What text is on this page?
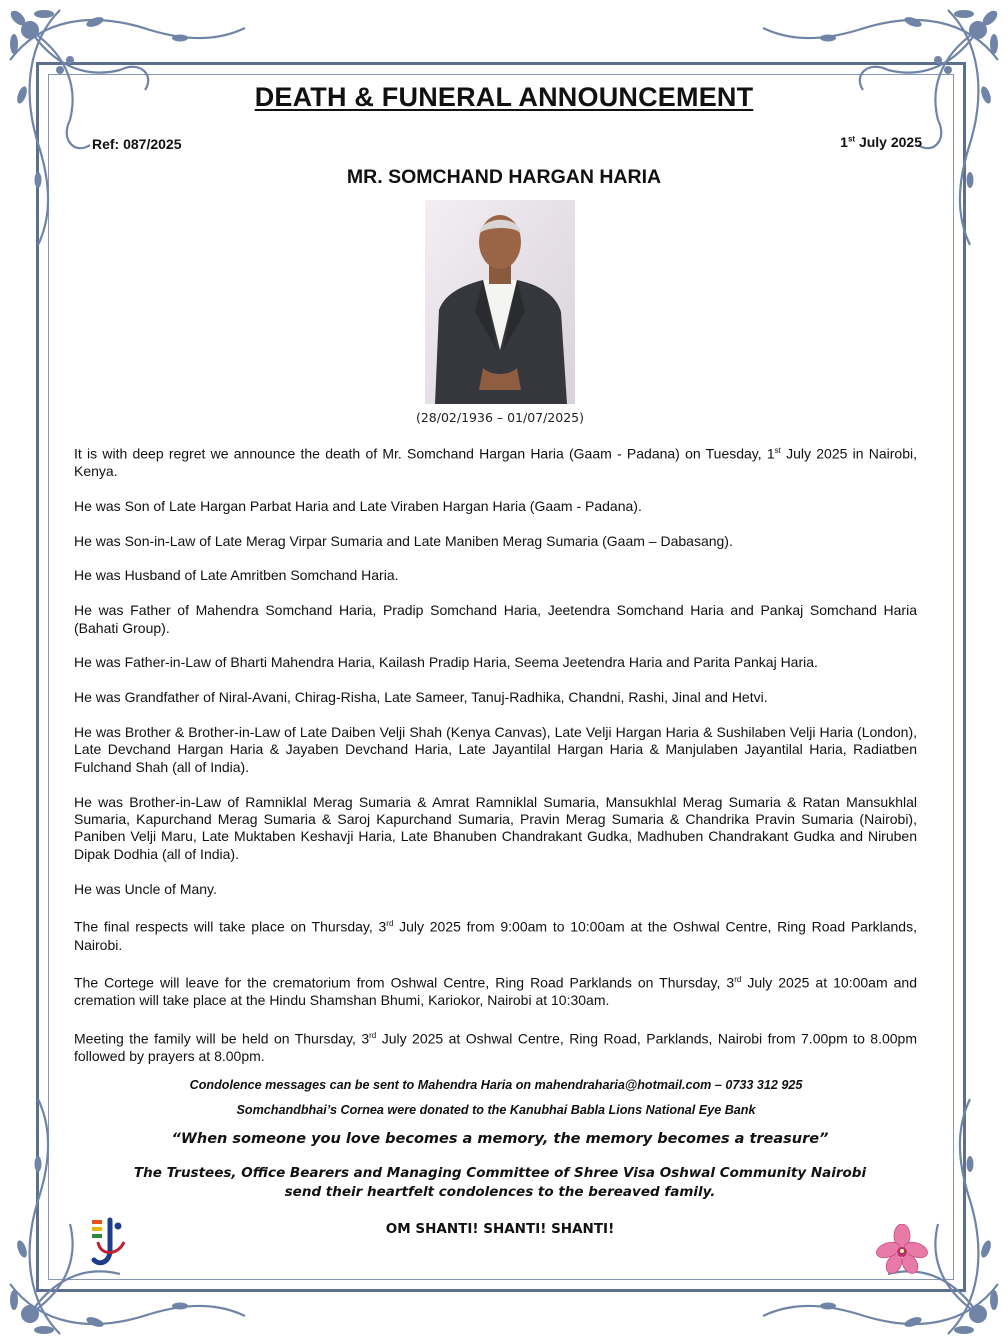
DEATH & FUNERAL ANNOUNCEMENT
Ref: 087/2025	1st July 2025
MR. SOMCHAND HARGAN HARIA
(28/02/1936 – 01/07/2025)

It is with deep regret we announce the death of Mr. Somchand Hargan Haria (Gaam - Padana) on Tuesday, 1st July 2025 in Nairobi, Kenya.

He was Son of Late Hargan Parbat Haria and Late Viraben Hargan Haria (Gaam - Padana).

He was Son-in-Law of Late Merag Virpar Sumaria and Late Maniben Merag Sumaria (Gaam – Dabasang).

He was Husband of Late Amritben Somchand Haria.

He was Father of Mahendra Somchand Haria, Pradip Somchand Haria, Jeetendra Somchand Haria and Pankaj Somchand Haria (Bahati Group).

He was Father-in-Law of Bharti Mahendra Haria, Kailash Pradip Haria, Seema Jeetendra Haria and Parita Pankaj Haria.

He was Grandfather of Niral-Avani, Chirag-Risha, Late Sameer, Tanuj-Radhika, Chandni, Rashi, Jinal and Hetvi.

He was Brother & Brother-in-Law of Late Daiben Velji Shah (Kenya Canvas), Late Velji Hargan Haria & Sushilaben Velji Haria (London), Late Devchand Hargan Haria & Jayaben Devchand Haria, Late Jayantilal Hargan Haria & Manjulaben Jayantilal Haria, Radiatben Fulchand Shah (all of India).

He was Brother-in-Law of Ramniklal Merag Sumaria & Amrat Ramniklal Sumaria, Mansukhlal Merag Sumaria & Ratan Mansukhlal Sumaria, Kapurchand Merag Sumaria & Saroj Kapurchand Sumaria, Pravin Merag Sumaria & Chandrika Pravin Sumaria (Nairobi), Paniben Velji Maru, Late Muktaben Keshavji Haria, Late Bhanuben Chandrakant Gudka, Madhuben Chandrakant Gudka and Niruben Dipak Dodhia (all of India).

He was Uncle of Many.

The final respects will take place on Thursday, 3rd July 2025 from 9:00am to 10:00am at the Oshwal Centre, Ring Road Parklands, Nairobi.

The Cortege will leave for the crematorium from Oshwal Centre, Ring Road Parklands on Thursday, 3rd July 2025 at 10:00am and cremation will take place at the Hindu Shamshan Bhumi, Kariokor, Nairobi at 10:30am.

Meeting the family will be held on Thursday, 3rd July 2025 at Oshwal Centre, Ring Road, Parklands, Nairobi from 7.00pm to 8.00pm followed by prayers at 8.00pm.

Condolence messages can be sent to Mahendra Haria on mahendraharia@hotmail.com – 0733 312 925
Somchandbhai’s Cornea were donated to the Kanubhai Babla Lions National Eye Bank
“When someone you love becomes a memory, the memory becomes a treasure”
The Trustees, Office Bearers and Managing Committee of Shree Visa Oshwal Community Nairobi
send their heartfelt condolences to the bereaved family.
OM SHANTI! SHANTI! SHANTI!
